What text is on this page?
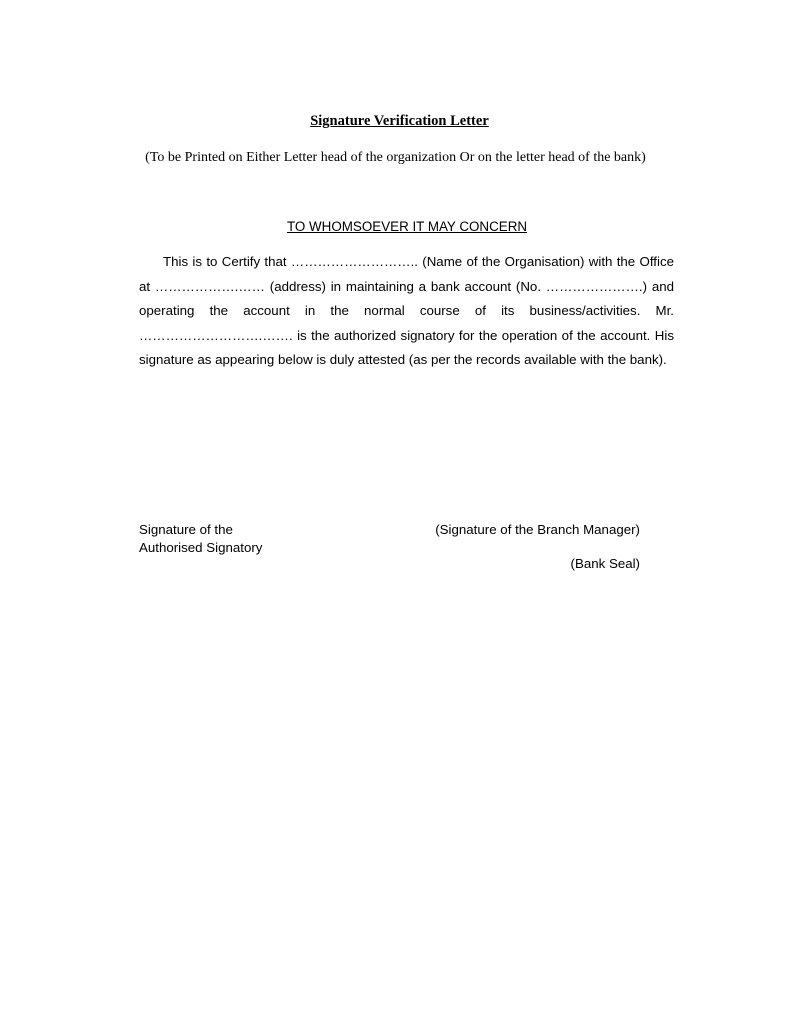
Signature Verification Letter
(To be Printed on Either Letter head of the organization Or on the letter head of the bank)
TO WHOMSOEVER IT MAY CONCERN

This is to Certify that ……………………….. (Name of the Organisation) with the Office at ……………….…… (address) in maintaining a bank account (No. ………………….) and operating the account in the normal course of its business/activities. Mr. ……………………….……. is the authorized signatory for the operation of the account. His signature as appearing below is duly attested (as per the records available with the bank).

Signature of the
Authorised Signatory
(Signature of the Branch Manager)
(Bank Seal)
